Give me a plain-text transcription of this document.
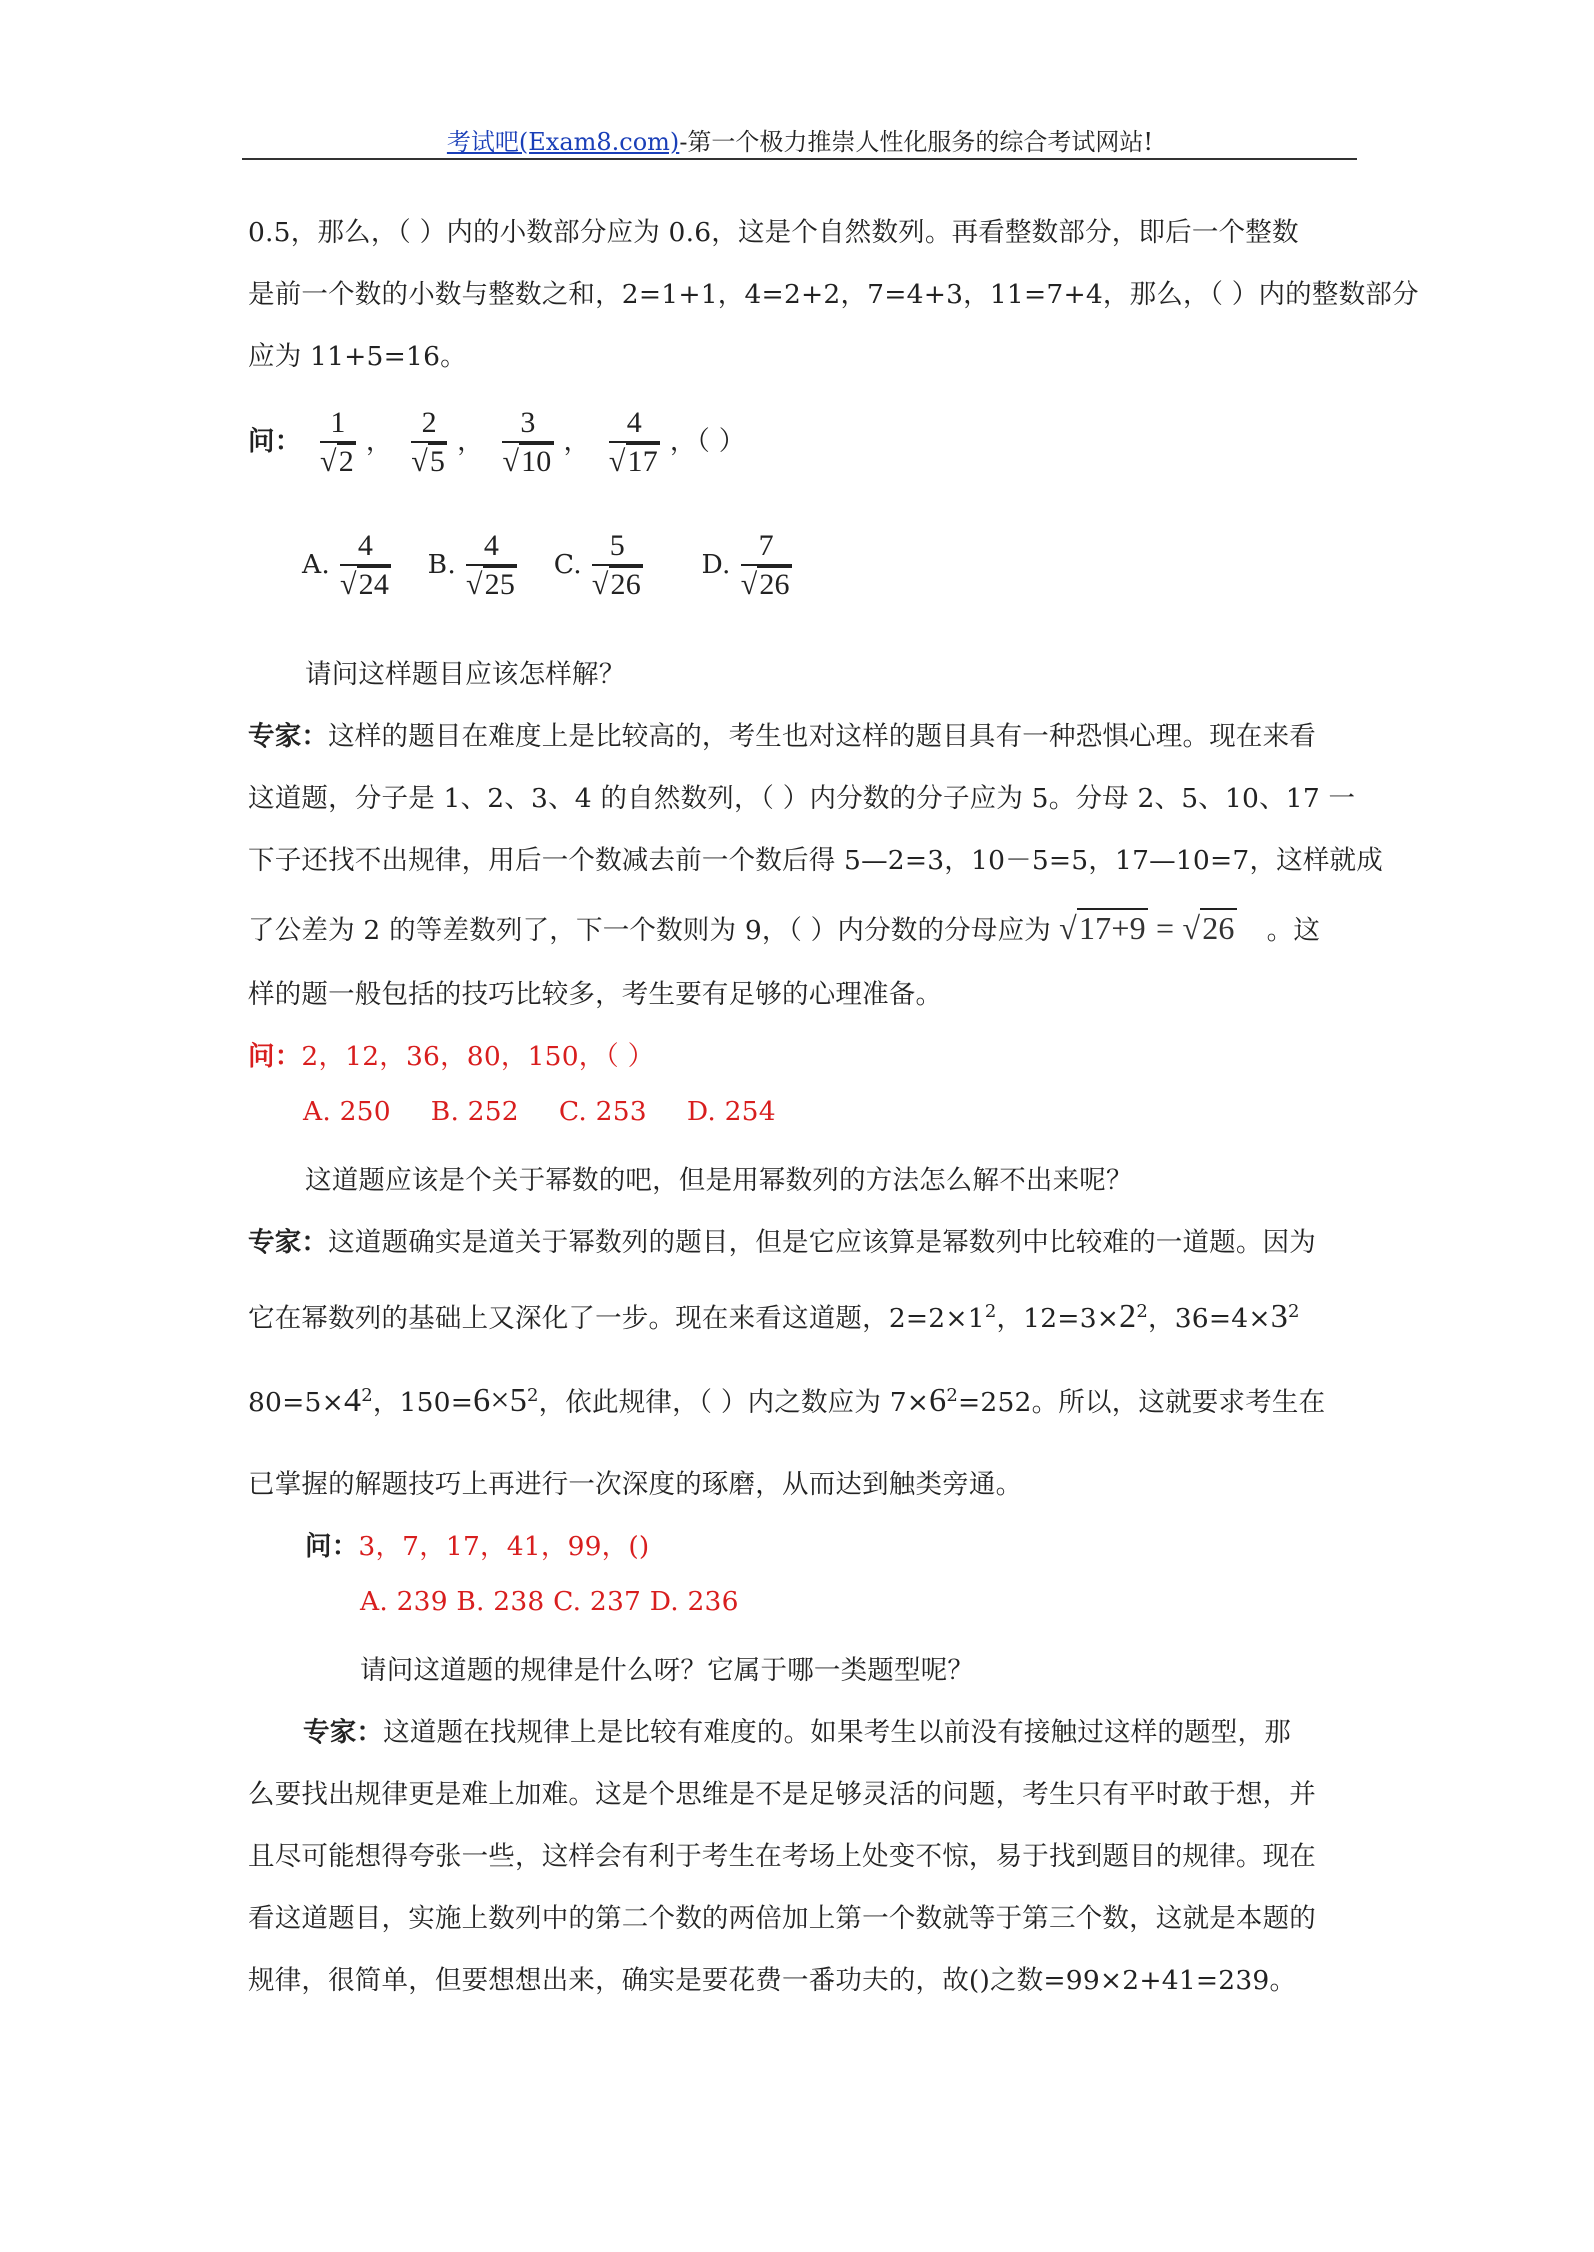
考试吧(Exam8.com)-第一个极力推崇人性化服务的综合考试网站!
0.5，那么，（ ）内的小数部分应为 0.6，这是个自然数列。再看整数部分，即后一个整数
是前一个数的小数与整数之和，2=1+1，4=2+2，7=4+3，11=7+4，那么，（ ）内的整数部分
应为 11+5=16。
问： $\frac{1}{√2}$ ， $\frac{2}{√5}$ ， $\frac{3}{√10}$ ， $\frac{4}{√17}$ ，（ ）
A. $\frac{4}{√24} B$. $\frac{4}{√25} C$. $\frac{5}{√26} D$. $\frac{7}{√26}$
请问这样题目应该怎样解？
专家：这样的题目在难度上是比较高的，考生也对这样的题目具有一种恐惧心理。现在来看
这道题，分子是 1、2、3、4 的自然数列，（ ）内分数的分子应为 5。分母 2、5、10、17 一
下子还找不出规律，用后一个数减去前一个数后得 5—2=3，10－5=5，17—10=7，这样就成
了公差为 2 的等差数列了，下一个数则为 9，（ ）内分数的分母应为 √17+9 = √26 。这
样的题一般包括的技巧比较多，考生要有足够的心理准备。
问：2，12，36，80，150，（ ）
A. 250 B. 252 C. 253 D. 254
这道题应该是个关于幂数的吧，但是用幂数列的方法怎么解不出来呢？
专家：这道题确实是道关于幂数列的题目，但是它应该算是幂数列中比较难的一道题。因为
它在幂数列的基础上又深化了一步。现在来看这道题，$2=2\times 1^2$，$12=3\times 2^2$，$36=4\times 3^2$
$80=5\times 4^2$，$150=6\times 5^2$，依此规律，（ ）内之数应为 $7\times 6^2=252$。所以，这就要求考生在
已掌握的解题技巧上再进行一次深度的琢磨，从而达到触类旁通。
问：3，7，17，41，99，()
A. 239 B. 238 C. 237 D. 236
请问这道题的规律是什么呀？它属于哪一类题型呢？
专家：这道题在找规律上是比较有难度的。如果考生以前没有接触过这样的题型，那
么要找出规律更是难上加难。这是个思维是不是足够灵活的问题，考生只有平时敢于想，并
且尽可能想得夸张一些，这样会有利于考生在考场上处变不惊，易于找到题目的规律。现在
看这道题目，实施上数列中的第二个数的两倍加上第一个数就等于第三个数，这就是本题的
规律，很简单，但要想想出来，确实是要花费一番功夫的，故()之数=99×2+41=239。
